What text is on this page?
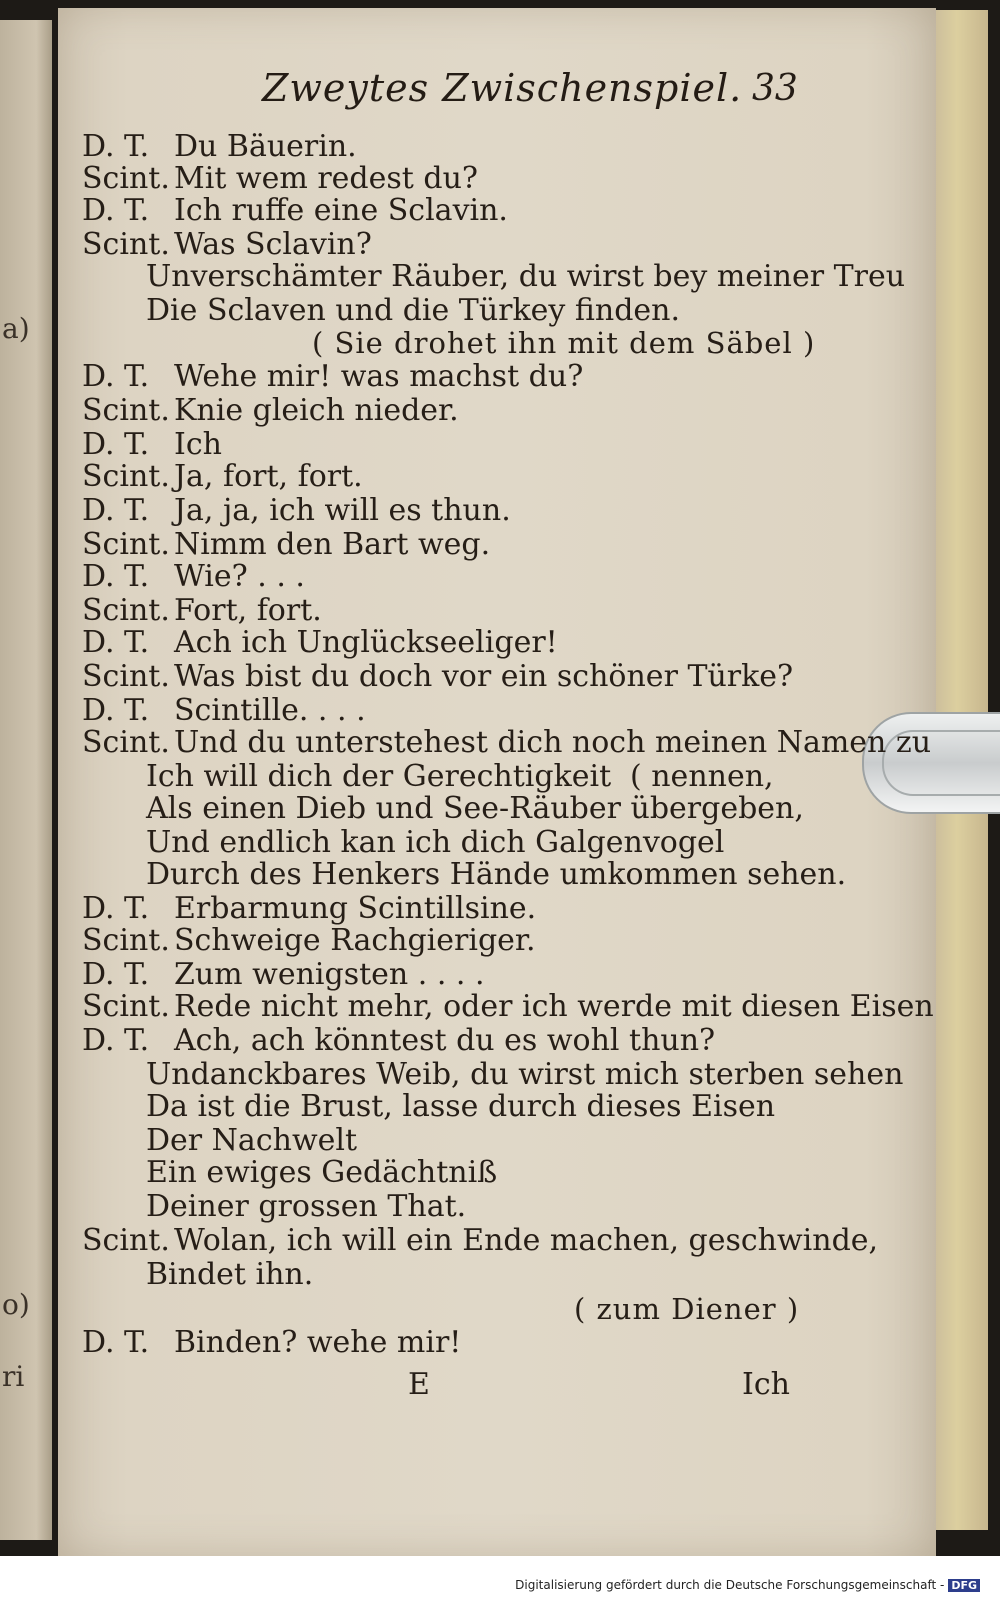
a)
o)
ri
Zweytes Zwischenspiel. 33
D. T. Du Bäuerin.
Scint. Mit wem redest du?
D. T. Ich ruffe eine Sclavin.
Scint. Was Sclavin?
Unverschämter Räuber, du wirst bey meiner Treu
Die Sclaven und die Türkey finden.
( Sie drohet ihn mit dem Säbel )
D. T. Wehe mir! was machst du?
Scint. Knie gleich nieder.
D. T. Ich
Scint. Ja, fort, fort.
D. T. Ja, ja, ich will es thun.
Scint. Nimm den Bart weg.
D. T. Wie? . . .
Scint. Fort, fort.
D. T. Ach ich Unglückseeliger!
Scint. Was bist du doch vor ein schöner Türke?
D. T. Scintille. . . .
Scint. Und du unterstehest dich noch meinen Namen zu
Ich will dich der Gerechtigkeit ( nennen,
Als einen Dieb und See-Räuber übergeben,
Und endlich kan ich dich Galgenvogel
Durch des Henkers Hände umkommen sehen.
D. T. Erbarmung Scintillsine.
Scint. Schweige Rachgieriger.
D. T. Zum wenigsten . . . .
Scint. Rede nicht mehr, oder ich werde mit diesen Eisen
D. T. Ach, ach könntest du es wohl thun?
Undanckbares Weib, du wirst mich sterben sehen
Da ist die Brust, lasse durch dieses Eisen
Der Nachwelt
Ein ewiges Gedächtniß
Deiner grossen That.
Scint. Wolan, ich will ein Ende machen, geschwinde,
Bindet ihn.
( zum Diener )
D. T. Binden? wehe mir!
E	Ich
Digitalisierung gefördert durch die Deutsche Forschungsgemeinschaft - DFG
